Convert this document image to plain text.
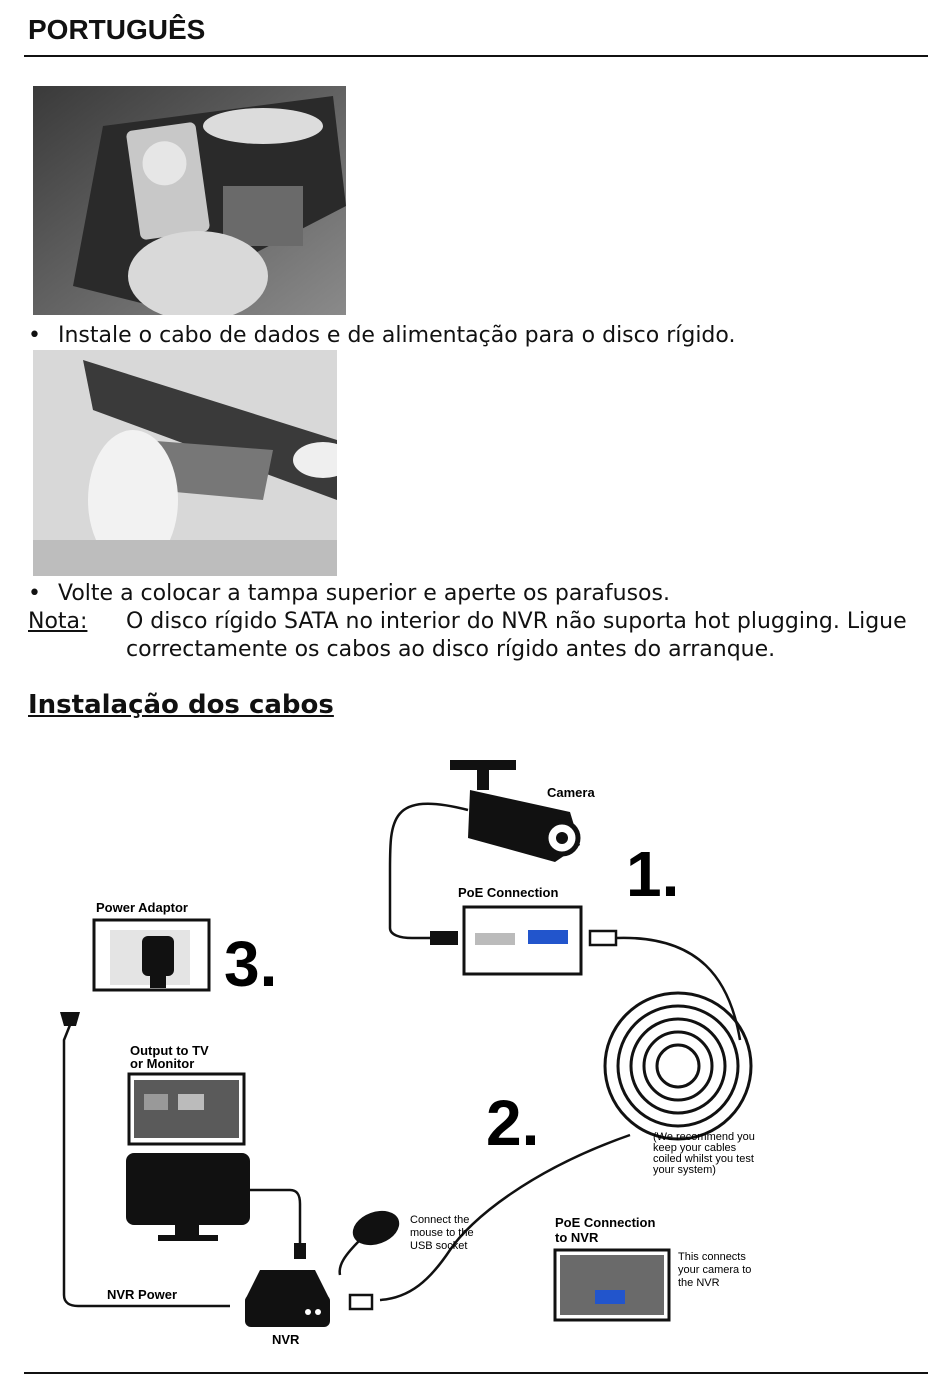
PORTUGUÊS
• Instale o cabo de dados e de alimentação para o disco rígido.
• Volte a colocar a tampa superior e aperte os parafusos.
Nota: O disco rígido SATA no interior do NVR não suporta hot plugging. Ligue correctamente os cabos ao disco rígido antes do arranque.
Instalação dos cabos
Camera
PoE Connection 1.
(We recommend you keep your cables coiled whilst you test your system)
2.
Power Adaptor
3.
Output to TV or Monitor
Connect the mouse to the USB socket
NVR
NVR Power
PoE Connection to NVR
This connects your camera to the NVR
